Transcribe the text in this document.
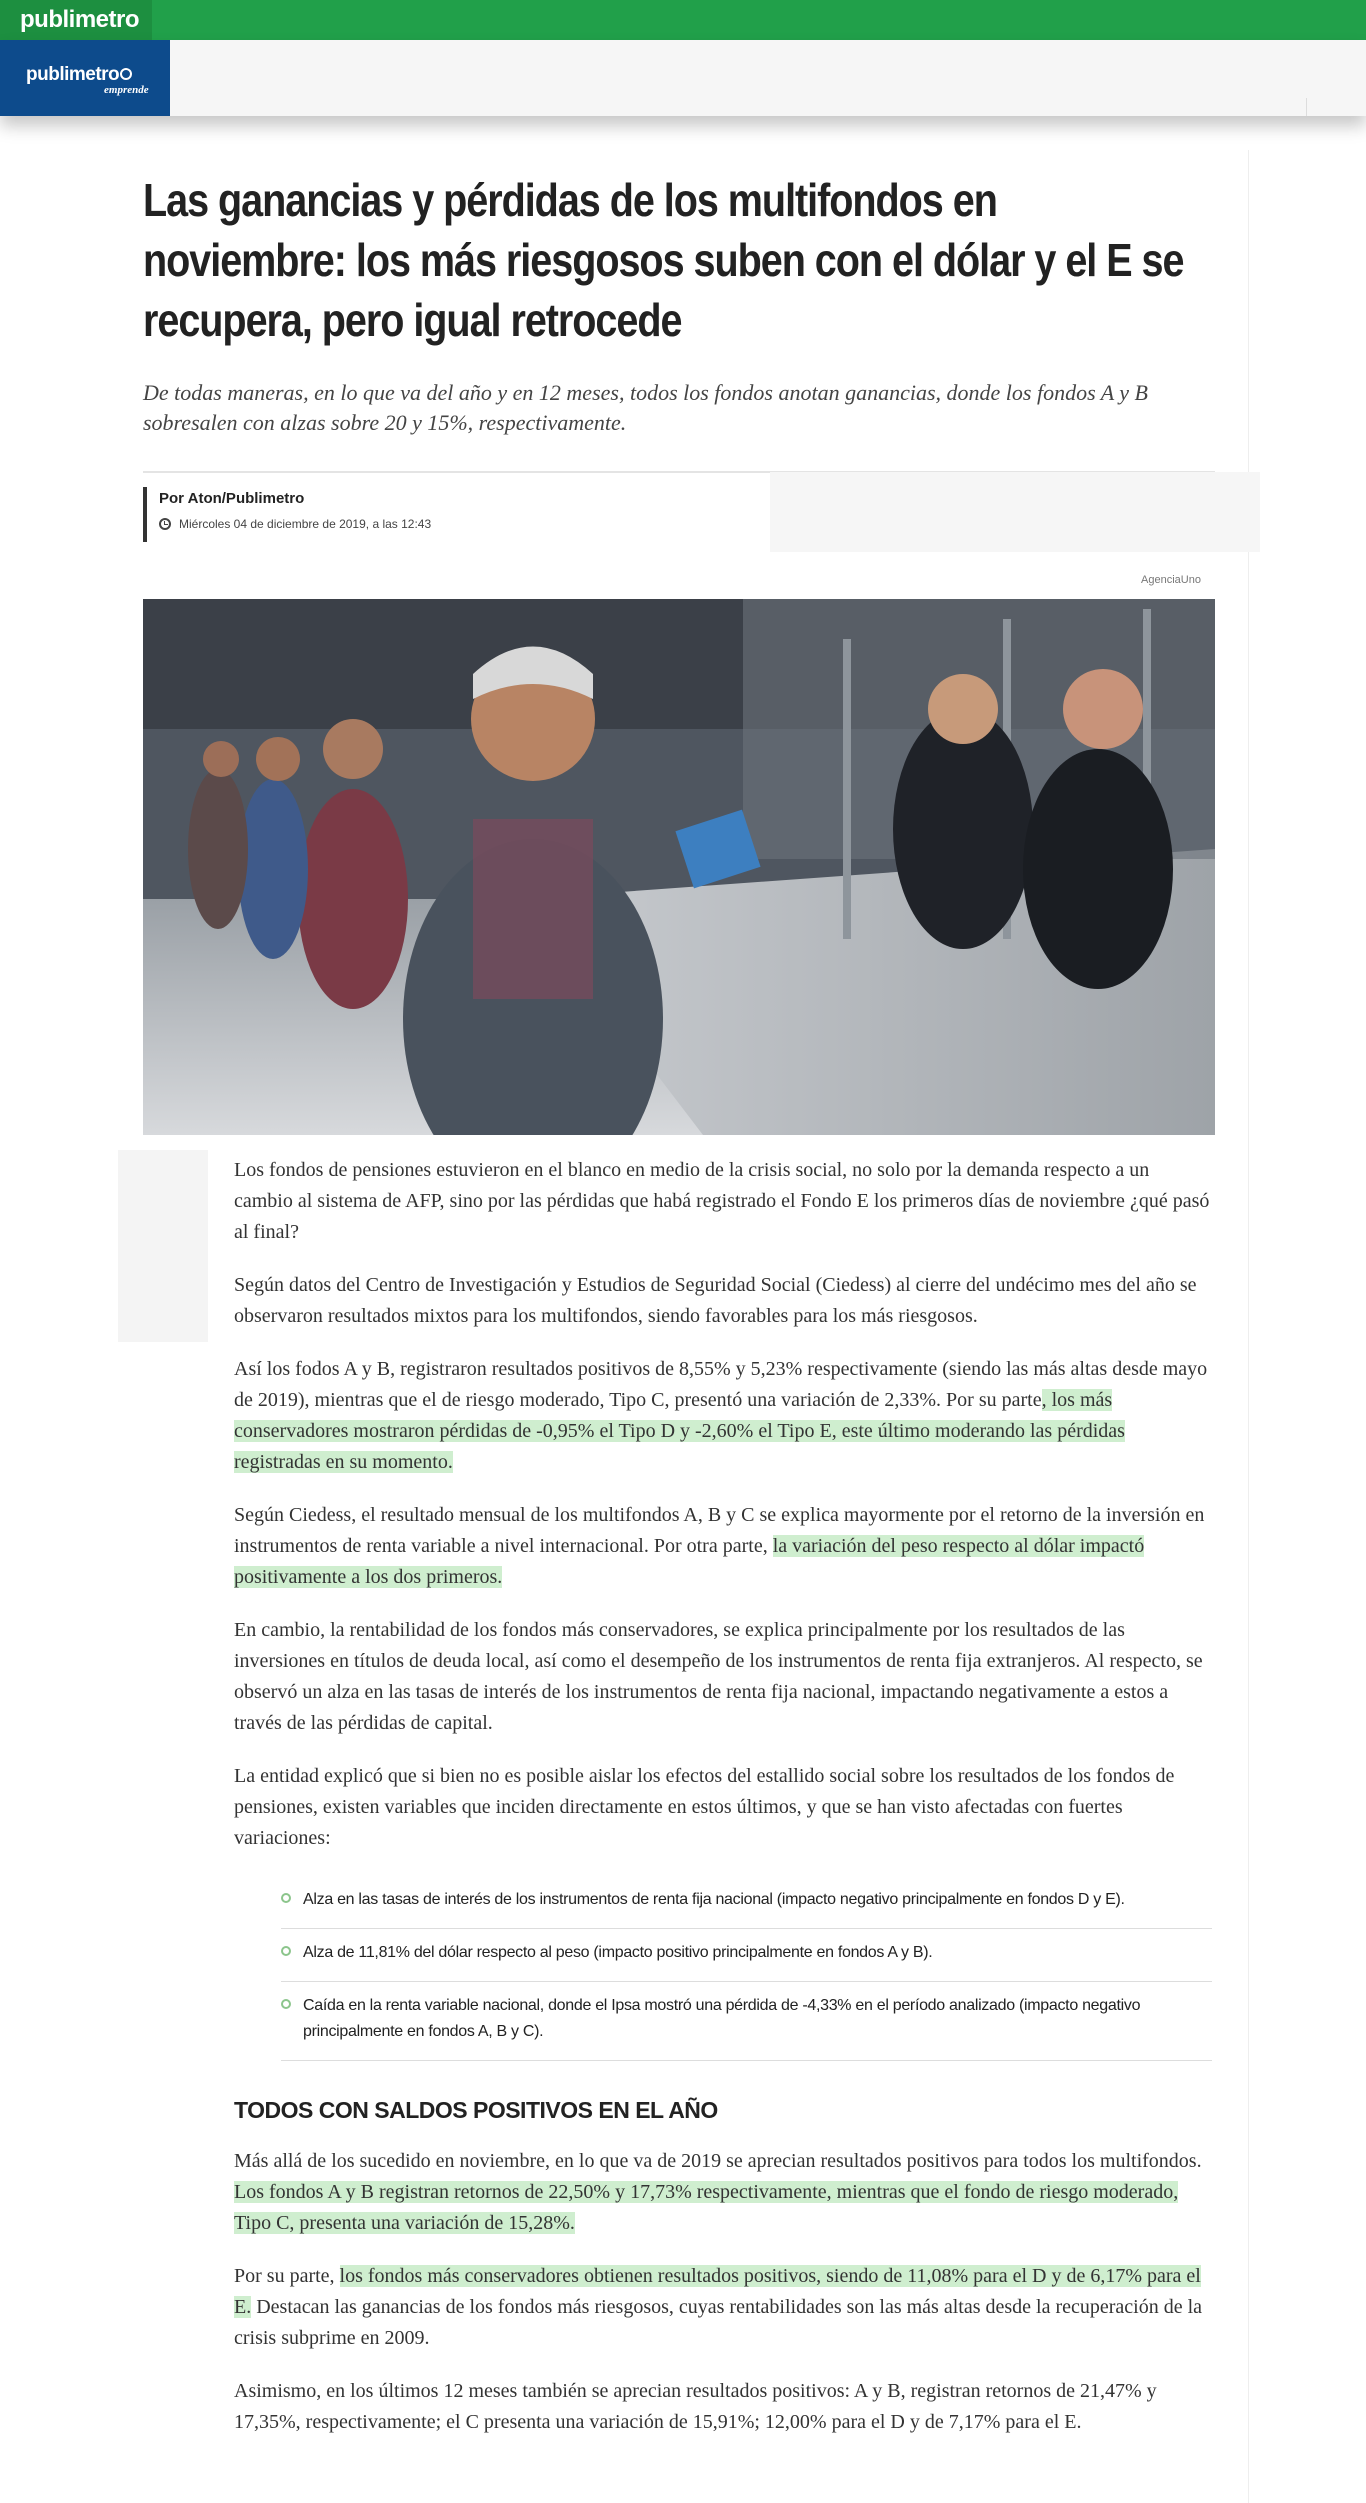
publimetro
publimetro
emprende
Las ganancias y pérdidas de los multifondos en noviembre: los más riesgosos suben con el dólar y el E se recupera, pero igual retrocede

De todas maneras, en lo que va del año y en 12 meses, todos los fondos anotan ganancias, donde los fondos A y B sobresalen con alzas sobre 20 y 15%, respectivamente.

Por Aton/Publimetro
Miércoles 04 de diciembre de 2019, a las 12:43
AgenciaUno

Los fondos de pensiones estuvieron en el blanco en medio de la crisis social, no solo por la demanda respecto a un cambio al sistema de AFP, sino por las pérdidas que habá registrado el Fondo E los primeros días de noviembre ¿qué pasó al final?

Según datos del Centro de Investigación y Estudios de Seguridad Social (Ciedess) al cierre del undécimo mes del año se observaron resultados mixtos para los multifondos, siendo favorables para los más riesgosos.

Así los fodos A y B, registraron resultados positivos de 8,55% y 5,23% respectivamente (siendo las más altas desde mayo de 2019), mientras que el de riesgo moderado, Tipo C, presentó una variación de 2,33%. Por su parte, los más conservadores mostraron pérdidas de -0,95% el Tipo D y -2,60% el Tipo E, este último moderando las pérdidas registradas en su momento.

Según Ciedess, el resultado mensual de los multifondos A, B y C se explica mayormente por el retorno de la inversión en instrumentos de renta variable a nivel internacional. Por otra parte, la variación del peso respecto al dólar impactó positivamente a los dos primeros.

En cambio, la rentabilidad de los fondos más conservadores, se explica principalmente por los resultados de las inversiones en títulos de deuda local, así como el desempeño de los instrumentos de renta fija extranjeros. Al respecto, se observó un alza en las tasas de interés de los instrumentos de renta fija nacional, impactando negativamente a estos a través de las pérdidas de capital.

La entidad explicó que si bien no es posible aislar los efectos del estallido social sobre los resultados de los fondos de pensiones, existen variables que inciden directamente en estos últimos, y que se han visto afectadas con fuertes variaciones:

Alza en las tasas de interés de los instrumentos de renta fija nacional (impacto negativo principalmente en fondos D y E).
Alza de 11,81% del dólar respecto al peso (impacto positivo principalmente en fondos A y B).
Caída en la renta variable nacional, donde el Ipsa mostró una pérdida de -4,33% en el período analizado (impacto negativo principalmente en fondos A, B y C).
TODOS CON SALDOS POSITIVOS EN EL AÑO

Más allá de los sucedido en noviembre, en lo que va de 2019 se aprecian resultados positivos para todos los multifondos. Los fondos A y B registran retornos de 22,50% y 17,73% respectivamente, mientras que el fondo de riesgo moderado, Tipo C, presenta una variación de 15,28%.

Por su parte, los fondos más conservadores obtienen resultados positivos, siendo de 11,08% para el D y de 6,17% para el E. Destacan las ganancias de los fondos más riesgosos, cuyas rentabilidades son las más altas desde la recuperación de la crisis subprime en 2009.

Asimismo, en los últimos 12 meses también se aprecian resultados positivos: A y B, registran retornos de 21,47% y 17,35%, respectivamente; el C presenta una variación de 15,91%; 12,00% para el D y de 7,17% para el E.
